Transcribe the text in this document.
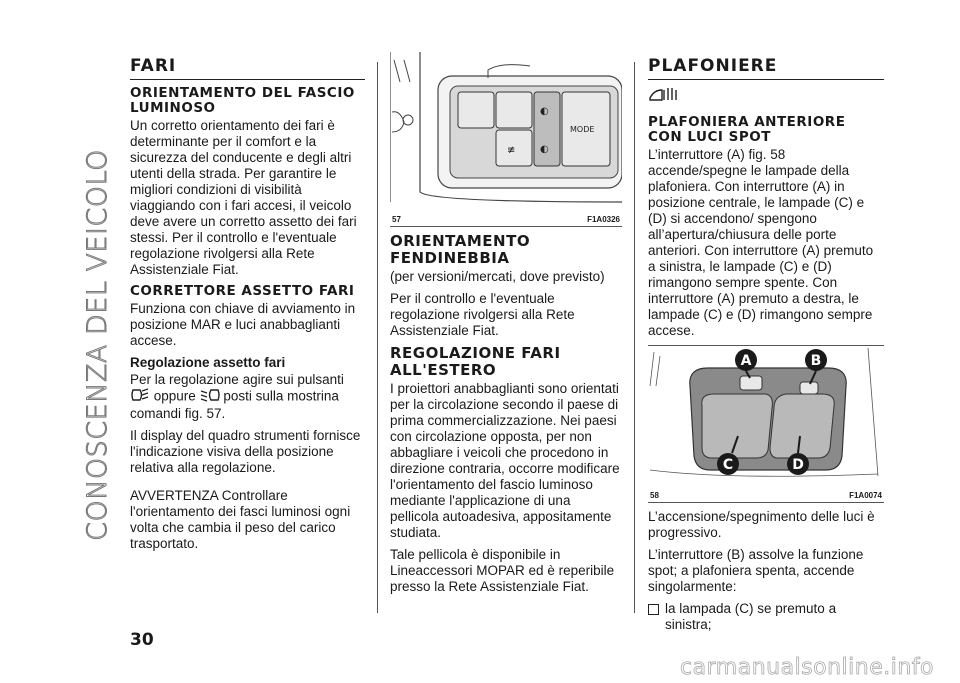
CONOSCENZA DEL VEICOLO
FARI
ORIENTAMENTO DEL FASCIO LUMINOSO

Un corretto orientamento dei fari è determinante per il comfort e la sicurezza del conducente e degli altri utenti della strada. Per garantire le migliori condizioni di visibilità viaggiando con i fari accesi, il veicolo deve avere un corretto assetto dei fari stessi. Per il controllo e l'eventuale regolazione rivolgersi alla Rete Assistenziale Fiat.

CORRETTORE ASSETTO FARI

Funziona con chiave di avviamento in posizione MAR e luci anabbaglianti accese.

Regolazione assetto fari

Per la regolazione agire sui pulsanti
oppure posti sulla mostrina comandi fig. 57.

Il display del quadro strumenti fornisce l'indicazione visiva della posizione relativa alla regolazione.

AVVERTENZA Controllare l'orientamento dei fasci luminosi ogni volta che cambia il peso del carico trasportato.

≢
◐
◐
MODE
57	F1A0326
ORIENTAMENTO FENDINEBBIA

(per versioni/mercati, dove previsto)

Per il controllo e l'eventuale regolazione rivolgersi alla Rete Assistenziale Fiat.

REGOLAZIONE FARI ALL'ESTERO

I proiettori anabbaglianti sono orientati per la circolazione secondo il paese di prima commercializzazione. Nei paesi con circolazione opposta, per non abbagliare i veicoli che procedono in direzione contraria, occorre modificare l'orientamento del fascio luminoso mediante l'applicazione di una pellicola autoadesiva, appositamente studiata.

Tale pellicola è disponibile in Lineaccessori MOPAR ed è reperibile presso la Rete Assistenziale Fiat.

PLAFONIERE
PLAFONIERA ANTERIORE CON LUCI SPOT

L’interruttore (A) fig. 58 accende/spegne le lampade della plafoniera. Con interruttore (A) in posizione centrale, le lampade (C) e (D) si accendono/ spengono all’apertura/chiusura delle porte anteriori. Con interruttore (A) premuto a sinistra, le lampade (C) e (D) rimangono sempre spente. Con interruttore (A) premuto a destra, le lampade (C) e (D) rimangono sempre accese.

A	B
C	D
58	F1A0074

L’accensione/spegnimento delle luci è progressivo.

L’interruttore (B) assolve la funzione spot; a plafoniera spenta, accende singolarmente:

la lampada (C) se premuto a sinistra;

30
carmanualsonline.info
